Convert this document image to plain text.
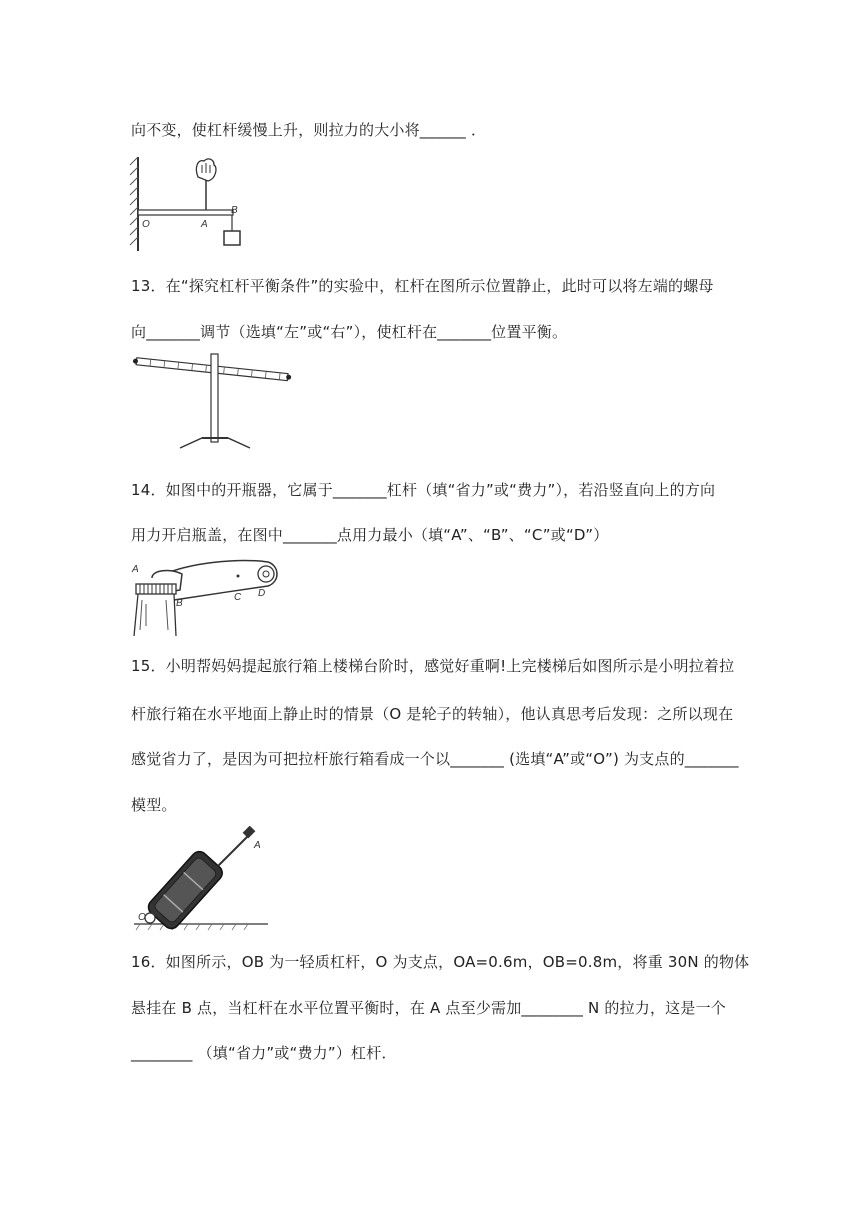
向不变，使杠杆缓慢上升，则拉力的大小将______ ．
O	A
B
13．在“探究杠杆平衡条件”的实验中，杠杆在图所示位置静止，此时可以将左端的螺母
向_______调节（选填“左”或“右”），使杠杆在_______位置平衡。
14．如图中的开瓶器，它属于_______杠杆（填“省力”或“费力”），若沿竖直向上的方向
用力开启瓶盖，在图中_______点用力最小（填“A”、“B”、“C”或“D”）
A
B
C D
15．小明帮妈妈提起旅行箱上楼梯台阶时，感觉好重啊!上完楼梯后如图所示是小明拉着拉
杆旅行箱在水平地面上静止时的情景（O 是轮子的转轴），他认真思考后发现：之所以现在
感觉省力了，是因为可把拉杆旅行箱看成一个以_______ (选填“A”或“O”) 为支点的_______
模型。
O
A
16．如图所示，OB 为一轻质杠杆，O 为支点，OA=0.6m，OB=0.8m，将重 30N 的物体
悬挂在 B 点，当杠杆在水平位置平衡时，在 A 点至少需加________ N 的拉力，这是一个
________ （填“省力”或“费力”）杠杆．
